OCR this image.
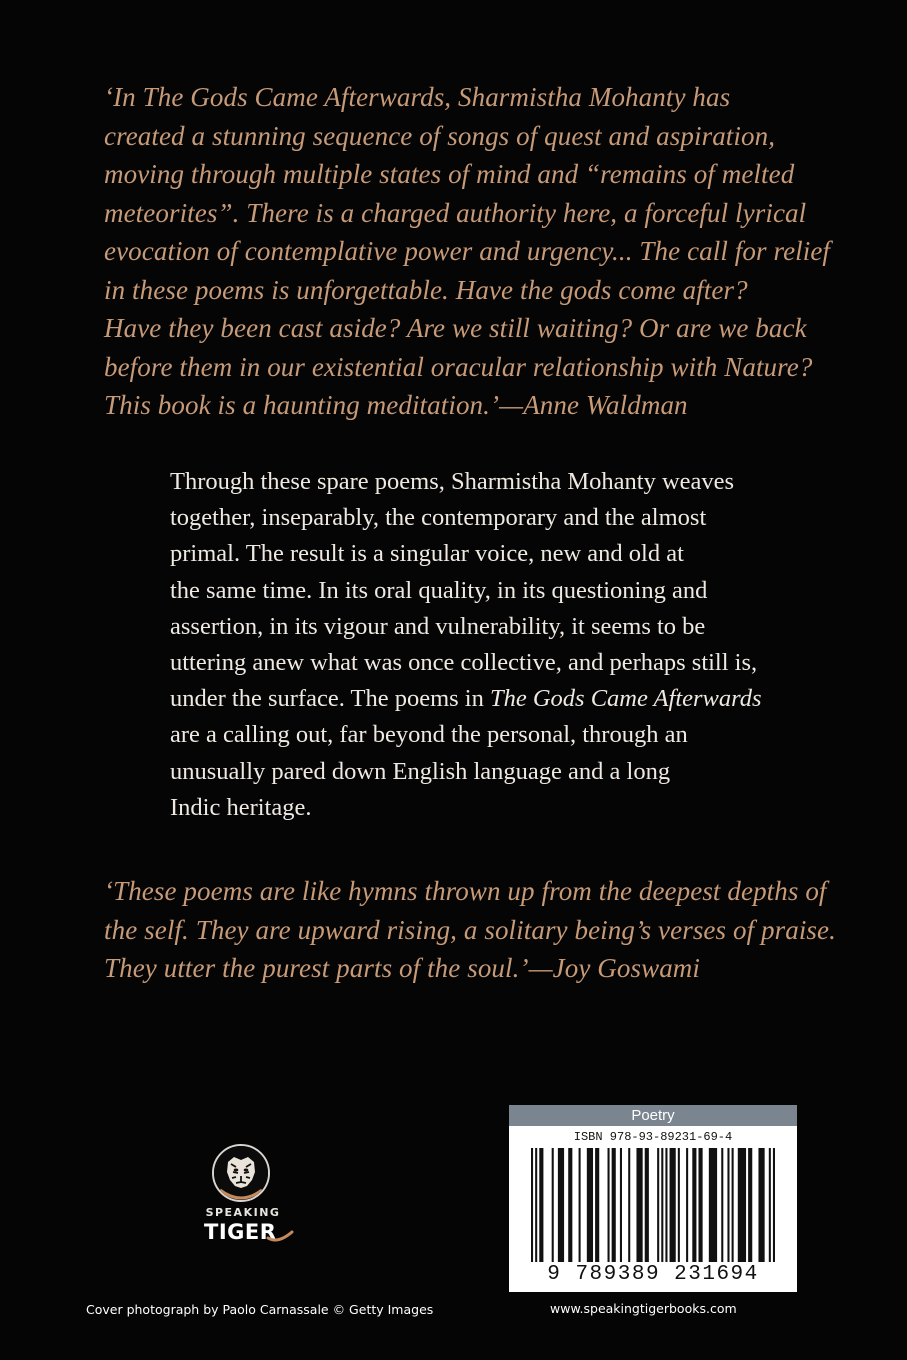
‘In The Gods Came Afterwards, Sharmistha Mohanty has
created a stunning sequence of songs of quest and aspiration,
moving through multiple states of mind and “remains of melted
meteorites”. There is a charged authority here, a forceful lyrical
evocation of contemplative power and urgency... The call for relief
in these poems is unforgettable. Have the gods come after?
Have they been cast aside? Are we still waiting? Or are we back
before them in our existential oracular relationship with Nature?
This book is a haunting meditation.’—Anne Waldman
Through these spare poems, Sharmistha Mohanty weaves
together, inseparably, the contemporary and the almost
primal. The result is a singular voice, new and old at
the same time. In its oral quality, in its questioning and
assertion, in its vigour and vulnerability, it seems to be
uttering anew what was once collective, and perhaps still is,
under the surface. The poems in The Gods Came Afterwards
are a calling out, far beyond the personal, through an
unusually pared down English language and a long
Indic heritage.
‘These poems are like hymns thrown up from the deepest depths of
the self. They are upward rising, a solitary being’s verses of praise.
They utter the purest parts of the soul.’—Joy Goswami
SPEAKING
TIGER
Poetry
ISBN 978-93-89231-69-4
9 789389 231694
Cover photograph by Paolo Carnassale © Getty Images	www.speakingtigerbooks.com
